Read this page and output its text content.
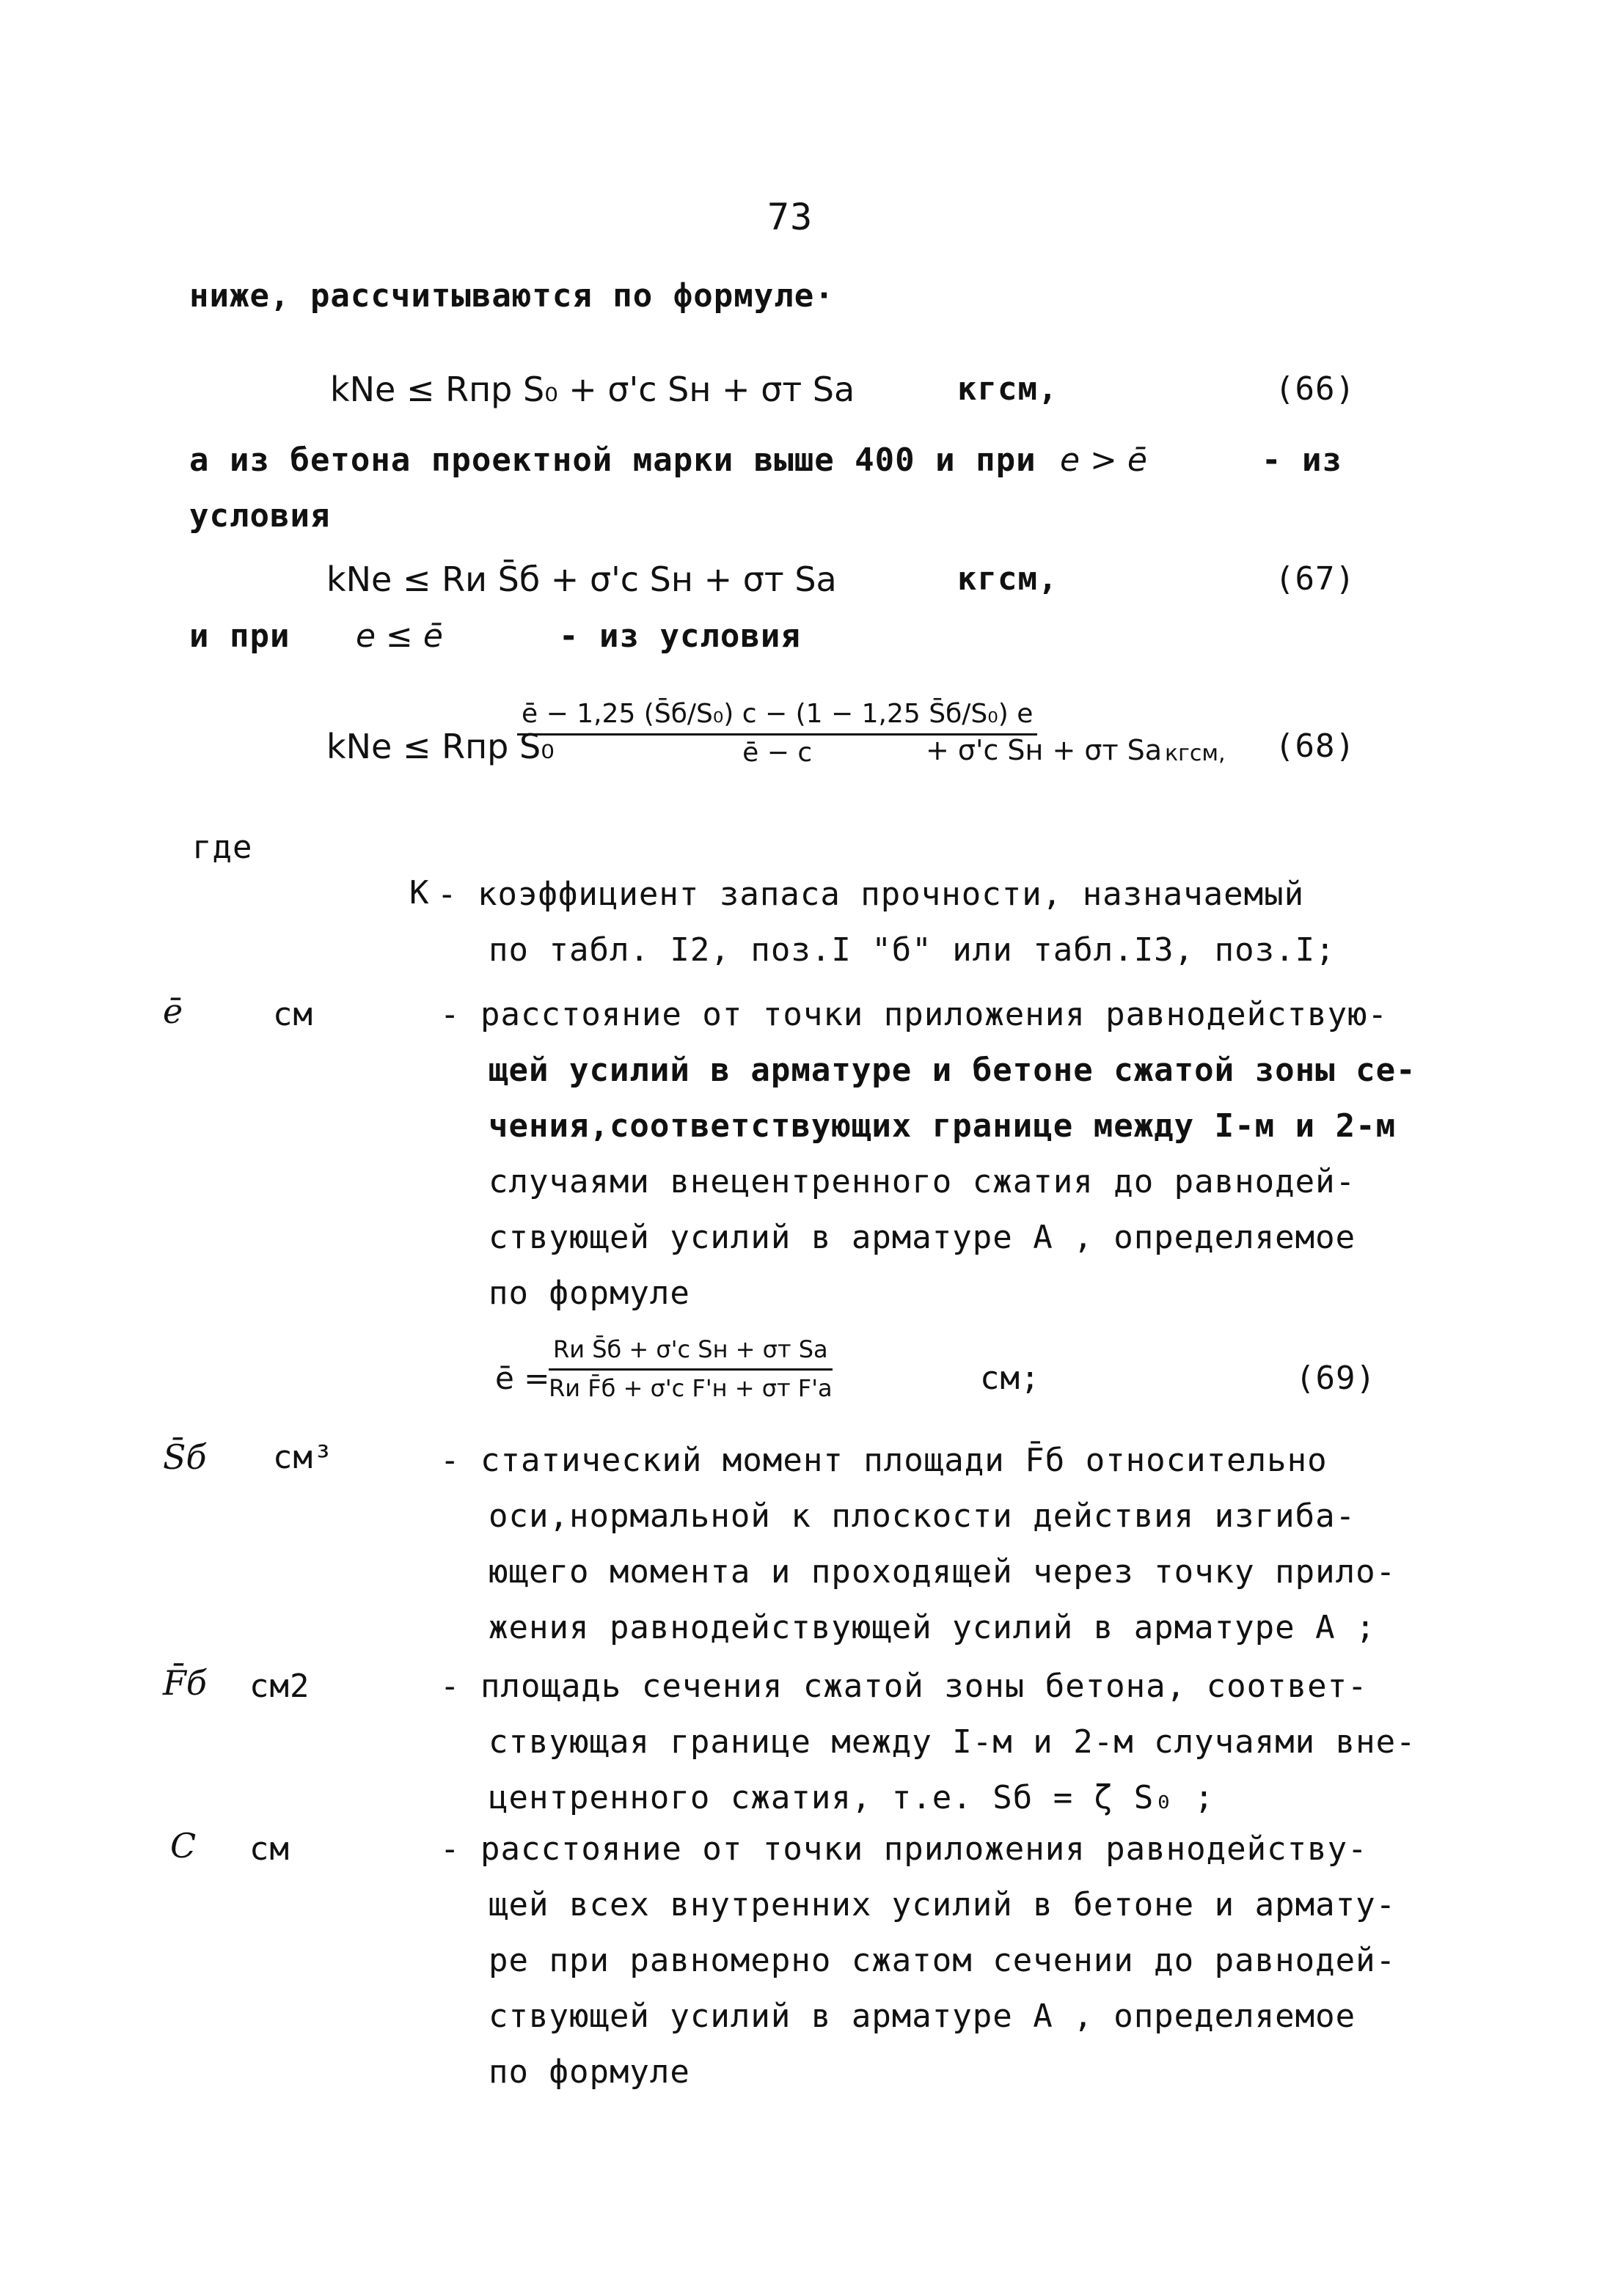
73
ниже, рассчитываются по формуле·
kNe ≤ Rпр S₀ + σ'с Sн + σт Sа	кгсм,	(66)
а из бетона проектной марки выше 400 и при e > ē	- из
условия
kNe ≤ Rи S̄б + σ'с Sн + σт Sа	кгсм,	(67)
и при e ≤ ē	- из условия
kNe ≤ Rпр S₀
ē − 1,25 (S̄б/S₀) c − (1 − 1,25 S̄б/S₀) e
ē − c	+ σ'с Sн + σт Sа кгсм, (68)
где
К - коэффициент запаса прочности, назначаемый
по табл. I2, поз.I "б" или табл.I3, поз.I;
ē	см	- расстояние от точки приложения равнодействую-
щей усилий в арматуре и бетоне сжатой зоны се-
чения,соответствующих границе между I-м и 2-м
случаями внецентренного сжатия до равнодей-
ствующей усилий в арматуре А , определяемое
по формуле
ē =
Rи S̄б + σ'с Sн + σт Sа
Rи F̄б + σ'с F'н + σт F'а	см;	(69)
S̄б см³	- статический момент площади F̄б относительно
оси,нормальной к плоскости действия изгиба-
ющего момента и проходящей через точку прило-
жения равнодействующей усилий в арматуре А ;
F̄б см2	- площадь сечения сжатой зоны бетона, соответ-
ствующая границе между I-м и 2-м случаями вне-
центренного сжатия, т.е. Sб = ζ S₀ ;
С см	- расстояние от точки приложения равнодейству-
щей всех внутренних усилий в бетоне и армату-
ре при равномерно сжатом сечении до равнодей-
ствующей усилий в арматуре А , определяемое
по формуле
